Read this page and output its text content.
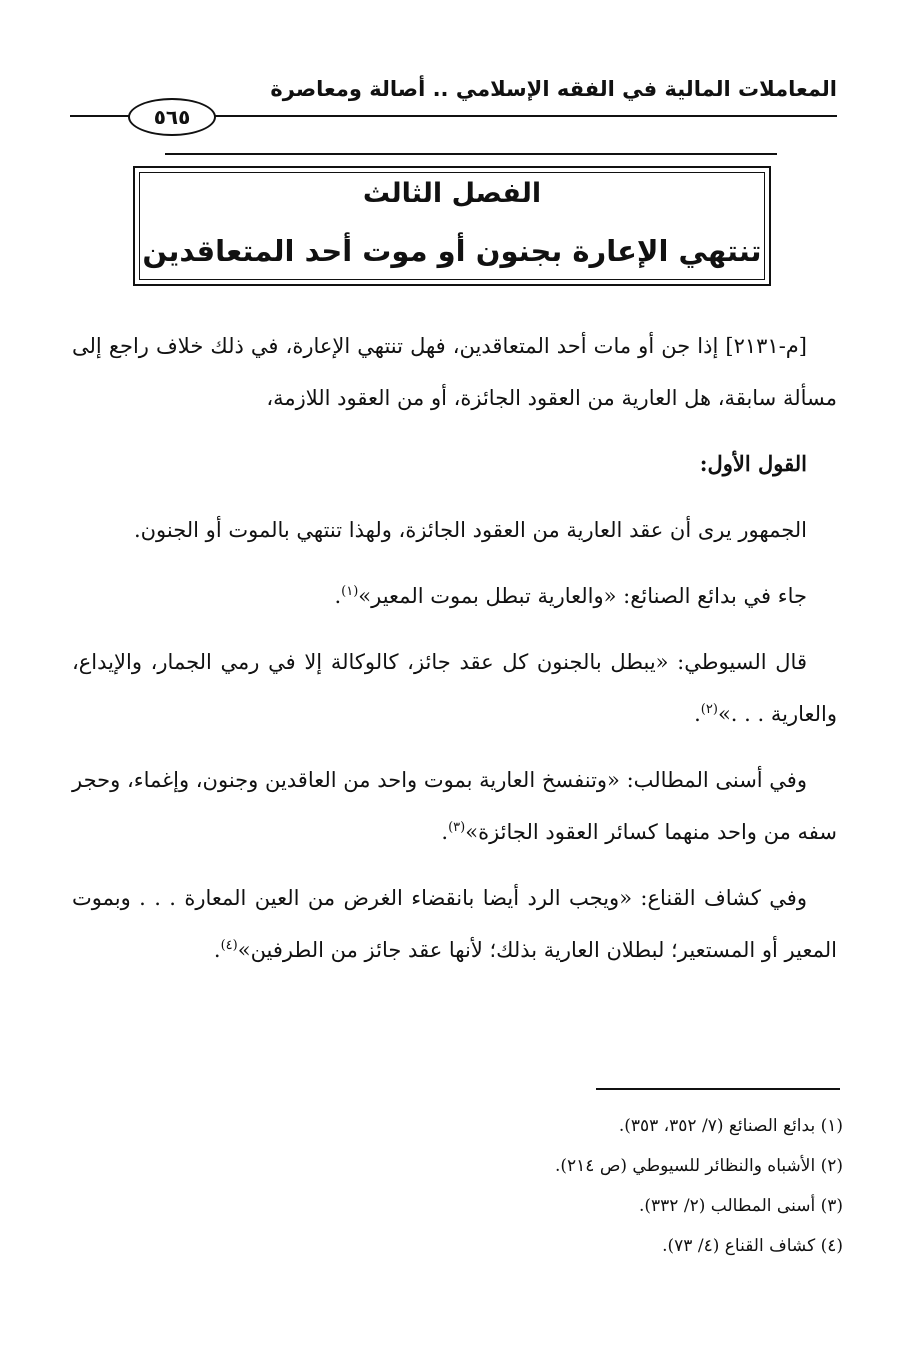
المعاملات المالية في الفقه الإسلامي .. أصالة ومعاصرة
٥٦٥
الفصل الثالث
تنتهي الإعارة بجنون أو موت أحد المتعاقدين

[م-٢١٣١] إذا جن أو مات أحد المتعاقدين، فهل تنتهي الإعارة، في ذلك خلاف راجع إلى مسألة سابقة، هل العارية من العقود الجائزة، أو من العقود اللازمة،

القول الأول:

الجمهور يرى أن عقد العارية من العقود الجائزة، ولهذا تنتهي بالموت أو الجنون.

جاء في بدائع الصنائع: «والعارية تبطل بموت المعير»$^{(١)}$.

قال السيوطي: «يبطل بالجنون كل عقد جائز، كالوكالة إلا في رمي الجمار، والإيداع، والعارية . . .»$^{(٢)}$.

وفي أسنى المطالب: «وتنفسخ العارية بموت واحد من العاقدين وجنون، وإغماء، وحجر سفه من واحد منهما كسائر العقود الجائزة»$^{(٣)}$.

وفي كشاف القناع: «ويجب الرد أيضا بانقضاء الغرض من العين المعارة . . . وبموت المعير أو المستعير؛ لبطلان العارية بذلك؛ لأنها عقد جائز من الطرفين»$^{(٤)}$.

(١) بدائع الصنائع (٧/ ٣٥٢، ٣٥٣).
(٢) الأشباه والنظائر للسيوطي (ص ٢١٤).
(٣) أسنى المطالب (٢/ ٣٣٢).
(٤) كشاف القناع (٤/ ٧٣).
